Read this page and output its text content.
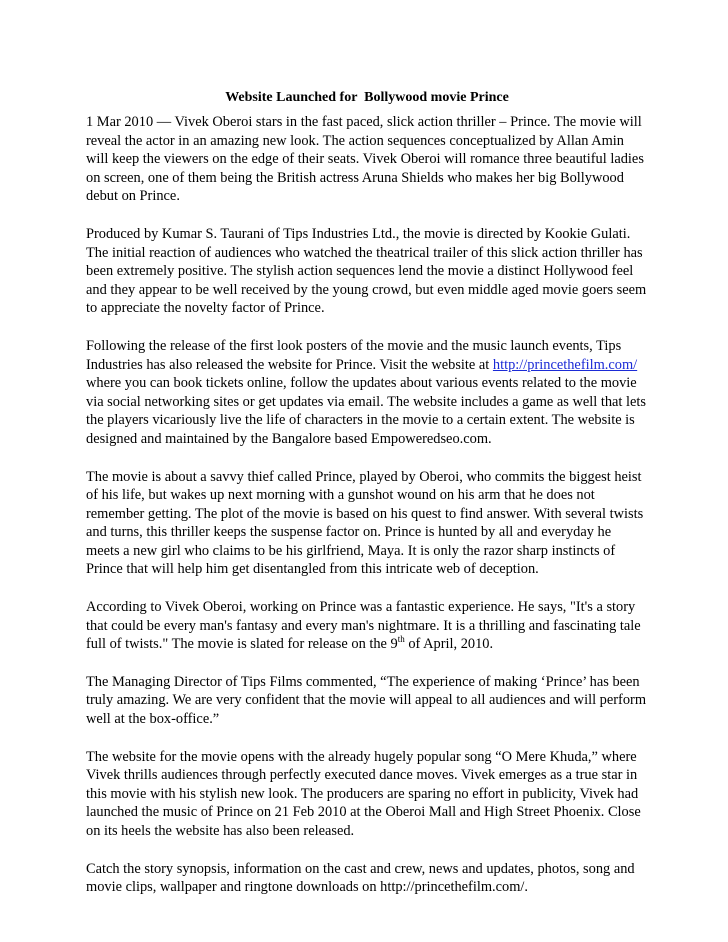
Website Launched for  Bollywood movie Prince

1 Mar 2010 — Vivek Oberoi stars in the fast paced, slick action thriller – Prince. The movie will reveal the actor in an amazing new look. The action sequences conceptualized by Allan Amin will keep the viewers on the edge of their seats. Vivek Oberoi will romance three beautiful ladies on screen, one of them being the British actress Aruna Shields who makes her big Bollywood debut on Prince.

Produced by Kumar S. Taurani of Tips Industries Ltd., the movie is directed by Kookie Gulati. The initial reaction of audiences who watched the theatrical trailer of this slick action thriller has been extremely positive. The stylish action sequences lend the movie a distinct Hollywood feel and they appear to be well received by the young crowd, but even middle aged movie goers seem to appreciate the novelty factor of Prince.

Following the release of the first look posters of the movie and the music launch events, Tips Industries has also released the website for Prince. Visit the website at http://princethefilm.com/ where you can book tickets online, follow the updates about various events related to the movie via social networking sites or get updates via email. The website includes a game as well that lets the players vicariously live the life of characters in the movie to a certain extent. The website is designed and maintained by the Bangalore based Empoweredseo.com.

The movie is about a savvy thief called Prince, played by Oberoi, who commits the biggest heist of his life, but wakes up next morning with a gunshot wound on his arm that he does not remember getting. The plot of the movie is based on his quest to find answer. With several twists and turns, this thriller keeps the suspense factor on. Prince is hunted by all and everyday he meets a new girl who claims to be his girlfriend, Maya. It is only the razor sharp instincts of Prince that will help him get disentangled from this intricate web of deception.

According to Vivek Oberoi, working on Prince was a fantastic experience. He says, "It's a story that could be every man's fantasy and every man's nightmare. It is a thrilling and fascinating tale full of twists." The movie is slated for release on the 9th of April, 2010.

The Managing Director of Tips Films commented, “The experience of making ‘Prince’ has been truly amazing. We are very confident that the movie will appeal to all audiences and will perform well at the box-office.”

The website for the movie opens with the already hugely popular song “O Mere Khuda,” where Vivek thrills audiences through perfectly executed dance moves. Vivek emerges as a true star in this movie with his stylish new look. The producers are sparing no effort in publicity, Vivek had launched the music of Prince on 21 Feb 2010 at the Oberoi Mall and High Street Phoenix. Close on its heels the website has also been released.

Catch the story synopsis, information on the cast and crew, news and updates, photos, song and movie clips, wallpaper and ringtone downloads on http://princethefilm.com/.
